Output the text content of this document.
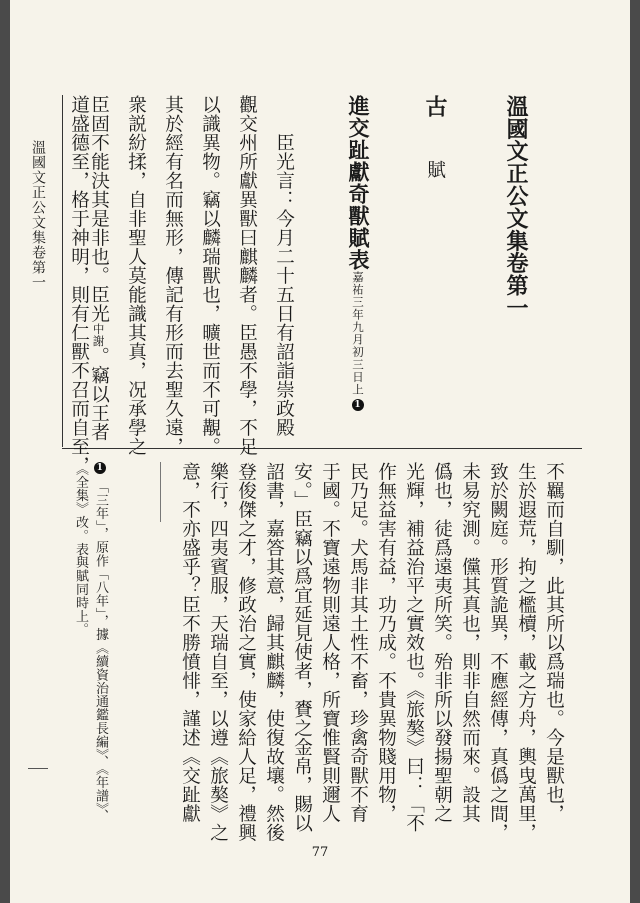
溫國文正公文集卷第一	溫國文正公文集卷第一
古
賦
進交趾獻奇獸賦表嘉祐三年九月初三日上1
臣光言：今月二十五日有詔詣崇政殿
觀交州所獻異獸曰麒麟者。臣愚不學，不足
以識異物。竊以麟瑞獸也，曠世而不可覯。
其於經有名而無形，傳記有形而去聖久遠，
衆説紛揉，自非聖人莫能識其真，况承學之
臣固不能決其是非也。臣光中謝。竊以王者
道盛德至，格于神明，則有仁獸不召而自至，
不羈而自馴，此其所以爲瑞也。今是獸也，
生於遐荒，拘之檻櫝，載之方舟，輿曳萬里，
致於闕庭。形質詭異，不應經傳，真僞之間，
未易究測。儻其真也，則非自然而來。設其
僞也，徒爲遠夷所笑。殆非所以發揚聖朝之
光輝，補益治平之實效也。《旅獒》曰：「不
作無益害有益，功乃成。不貴異物賤用物，
民乃足。犬馬非其土性不畜，珍禽奇獸不育
于國。不寶遠物則遠人格，所寶惟賢則邇人
安。」臣竊以爲宜延見使者，賚之金帛，賜以
詔書，嘉答其意，歸其麒麟，使復故壤。然後
登俊傑之才，修政治之實，使家給人足，禮興
樂行，四夷賓服，天瑞自至，以遵《旅獒》之
意，不亦盛乎？臣不勝憤悱，謹述《交趾獻
1「三年」，原作「八年」，據《續資治通鑑長編》、《年譜》、
《全集》改。表與賦同時上。
77
